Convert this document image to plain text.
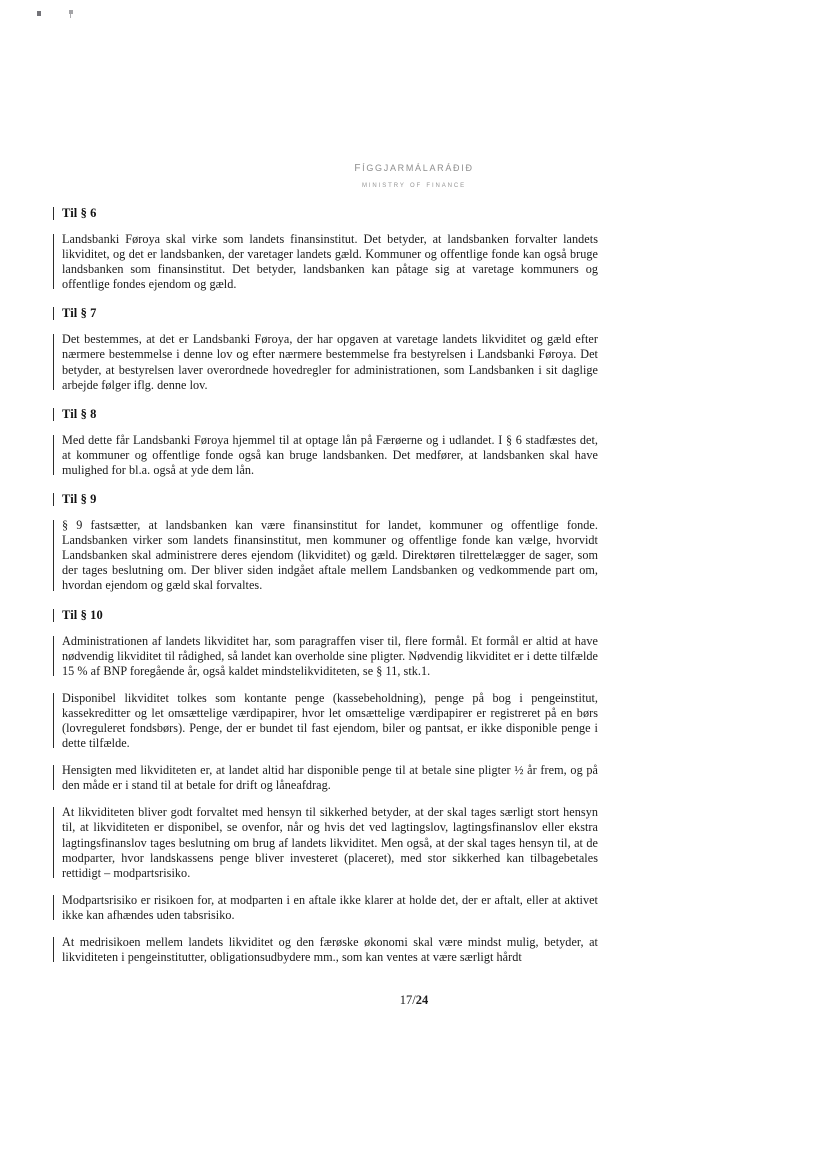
fíggjarmálaráðið
ministry of finance
Til § 6

Landsbanki Føroya skal virke som landets finansinstitut. Det betyder, at landsbanken forvalter landets likviditet, og det er landsbanken, der varetager landets gæld. Kommuner og offentlige fonde kan også bruge landsbanken som finansinstitut. Det betyder, landsbanken kan påtage sig at varetage kommuners og offentlige fondes ejendom og gæld.

Til § 7

Det bestemmes, at det er Landsbanki Føroya, der har opgaven at varetage landets likviditet og gæld efter nærmere bestemmelse i denne lov og efter nærmere bestemmelse fra bestyrelsen i Landsbanki Føroya. Det betyder, at bestyrelsen laver overordnede hovedregler for administrationen, som Landsbanken i sit daglige arbejde følger iflg. denne lov.

Til § 8

Med dette får Landsbanki Føroya hjemmel til at optage lån på Færøerne og i udlandet. I § 6 stadfæstes det, at kommuner og offentlige fonde også kan bruge landsbanken. Det medfører, at landsbanken skal have mulighed for bl.a. også at yde dem lån.

Til § 9

§ 9 fastsætter, at landsbanken kan være finansinstitut for landet, kommuner og offentlige fonde. Landsbanken virker som landets finansinstitut, men kommuner og offentlige fonde kan vælge, hvorvidt Landsbanken skal administrere deres ejendom (likviditet) og gæld. Direktøren tilrettelægger de sager, som der tages beslutning om. Der bliver siden indgået aftale mellem Landsbanken og vedkommende part om, hvordan ejendom og gæld skal forvaltes.

Til § 10

Administrationen af landets likviditet har, som paragraffen viser til, flere formål. Et formål er altid at have nødvendig likviditet til rådighed, så landet kan overholde sine pligter. Nødvendig likviditet er i dette tilfælde 15 % af BNP foregående år, også kaldet mindstelikviditeten, se § 11, stk.1.

Disponibel likviditet tolkes som kontante penge (kassebeholdning), penge på bog i pengeinstitut, kassekreditter og let omsættelige værdipapirer, hvor let omsættelige værdipapirer er registreret på en børs (lovreguleret fondsbørs). Penge, der er bundet til fast ejendom, biler og pantsat, er ikke disponible penge i dette tilfælde.

Hensigten med likviditeten er, at landet altid har disponible penge til at betale sine pligter ½ år frem, og på den måde er i stand til at betale for drift og låneafdrag.

At likviditeten bliver godt forvaltet med hensyn til sikkerhed betyder, at der skal tages særligt stort hensyn til, at likviditeten er disponibel, se ovenfor, når og hvis det ved lagtingslov, lagtingsfinanslov eller ekstra lagtingsfinanslov tages beslutning om brug af landets likviditet. Men også, at der skal tages hensyn til, at de modparter, hvor landskassens penge bliver investeret (placeret), med stor sikkerhed kan tilbagebetales rettidigt – modpartsrisiko.

Modpartsrisiko er risikoen for, at modparten i en aftale ikke klarer at holde det, der er aftalt, eller at aktivet ikke kan afhændes uden tabsrisiko.

At medrisikoen mellem landets likviditet og den færøske økonomi skal være mindst mulig, betyder, at likviditeten i pengeinstitutter, obligationsudbydere mm., som kan ventes at være særligt hårdt

17/24
